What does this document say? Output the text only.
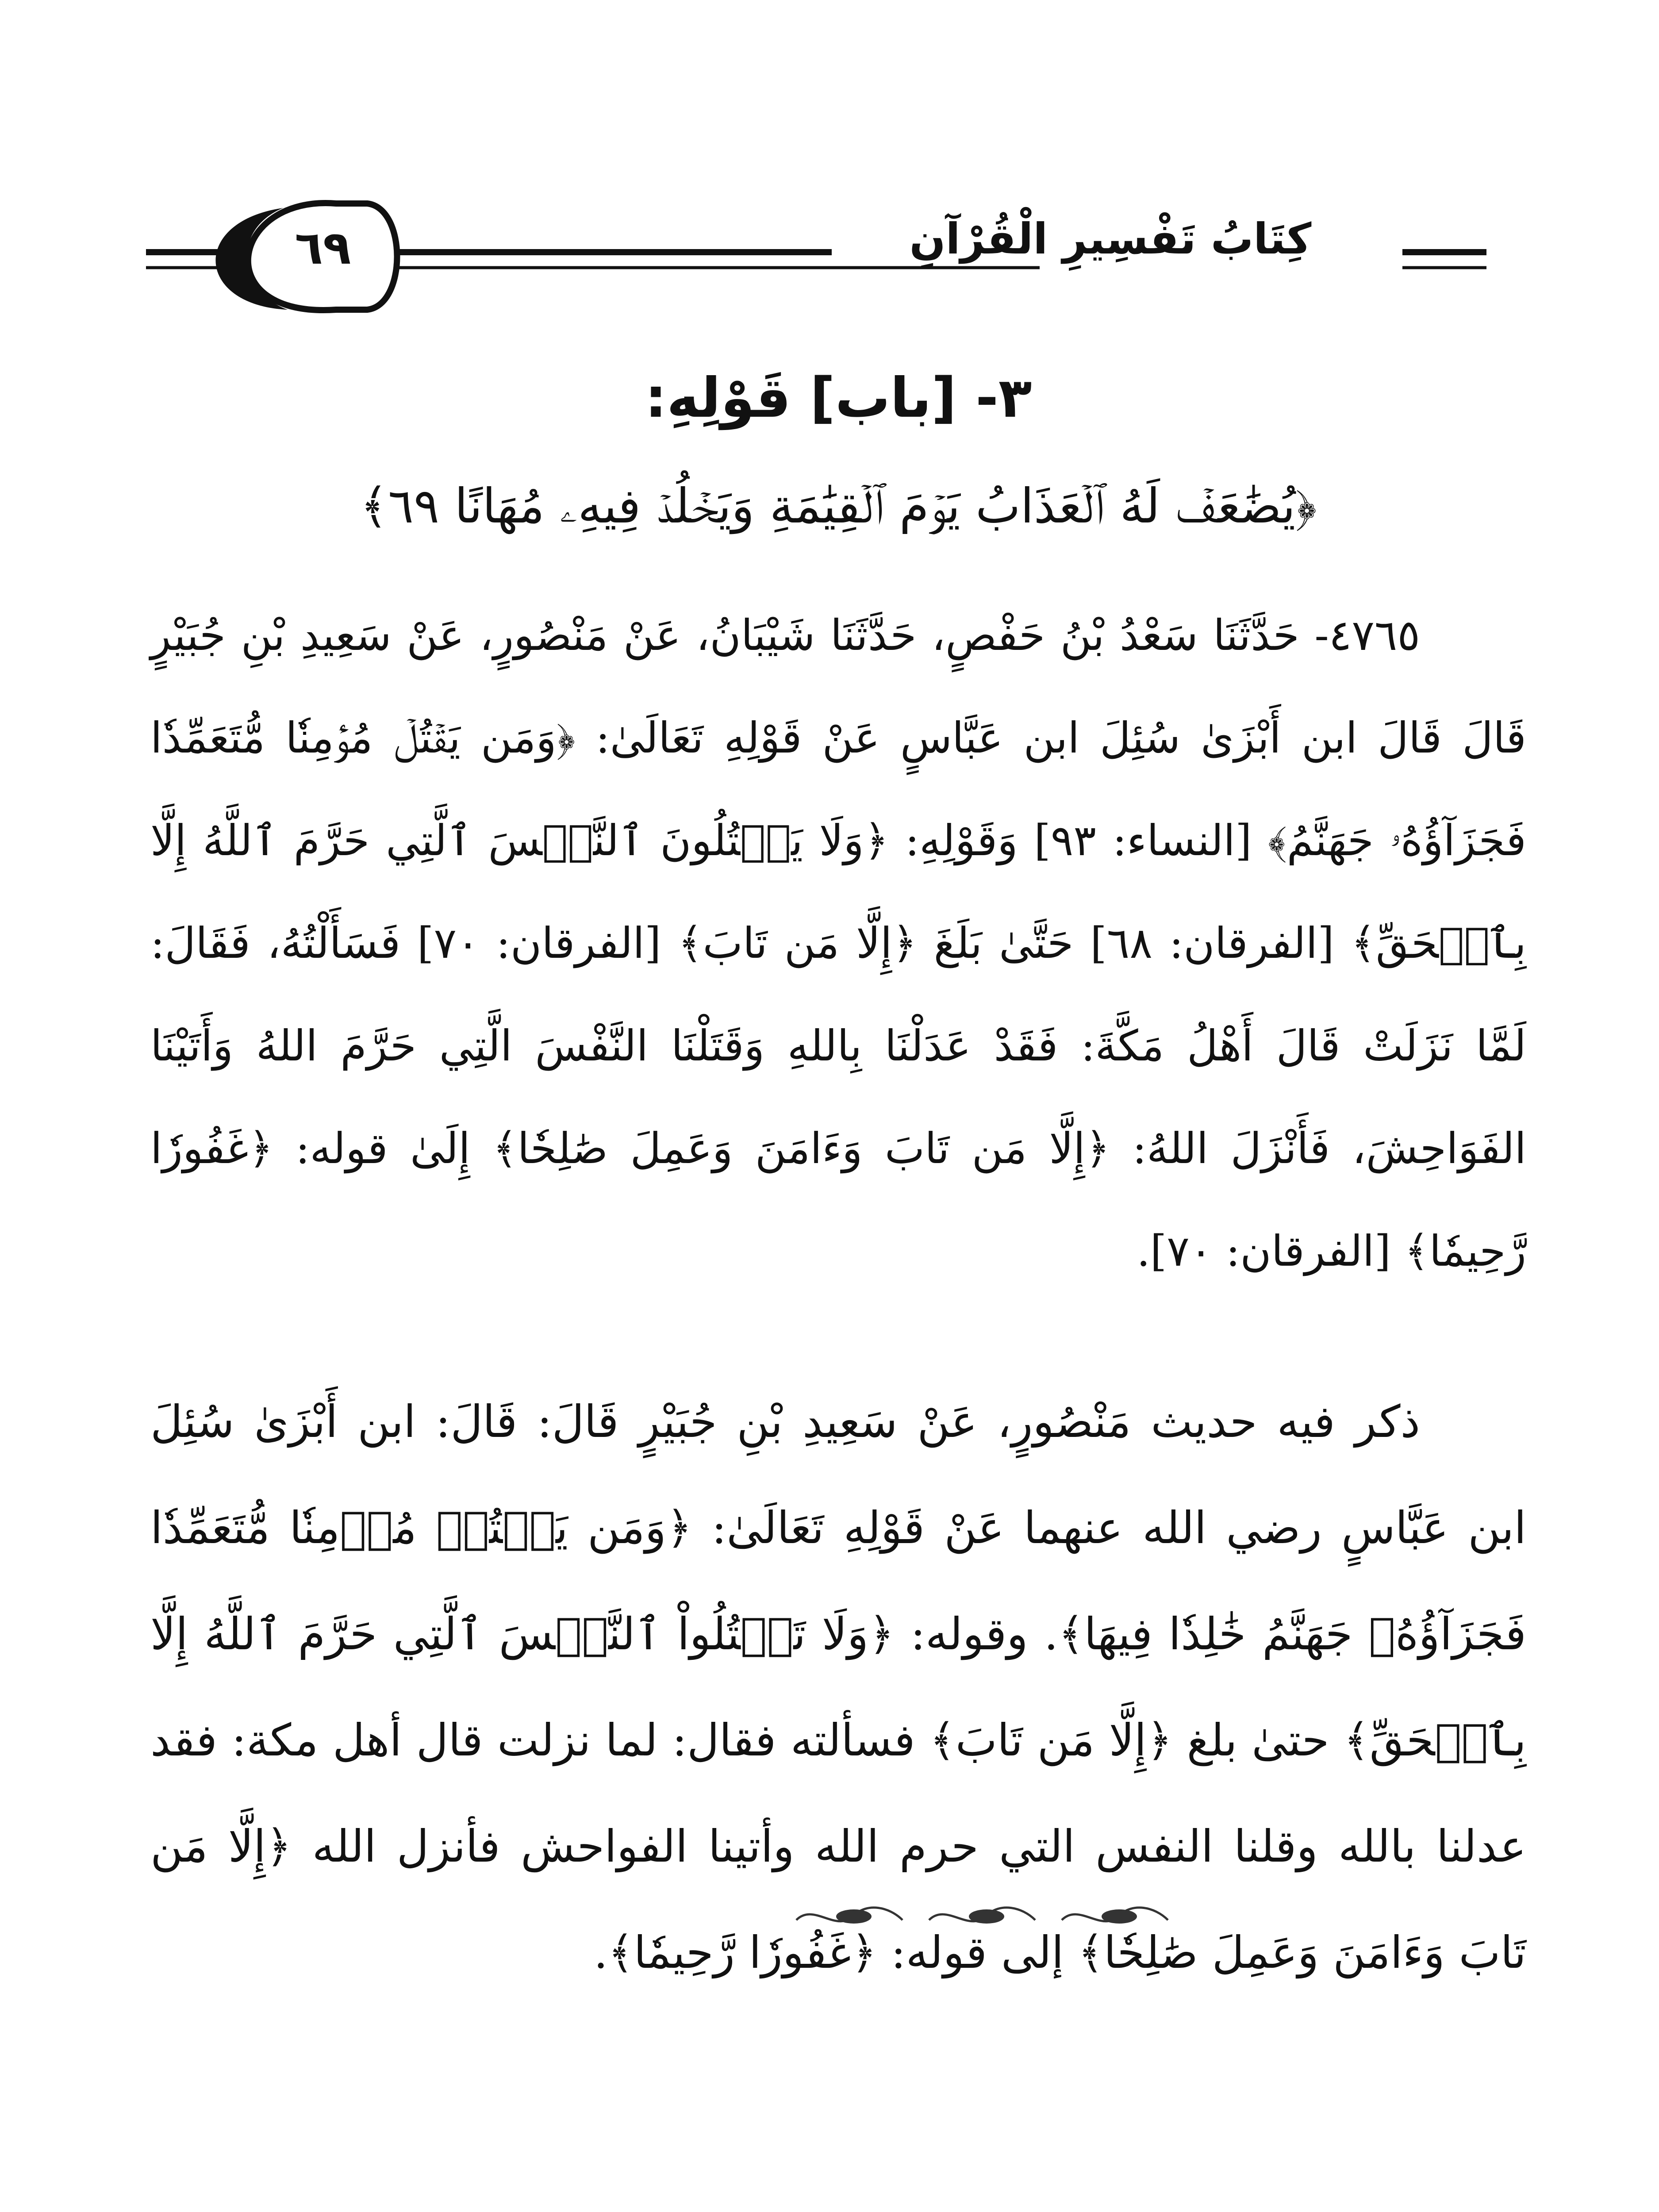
كِتَابُ تَفْسِيرِ الْقُرْآنِ
٦٩
٣- [باب] قَوْلِهِ:
﴿يُضَٰعَفۡ لَهُ ٱلۡعَذَابُ يَوۡمَ ٱلۡقِيَٰمَةِ وَيَخۡلُدۡ فِيهِۦ مُهَانًا ٦٩﴾

٤٧٦٥- حَدَّثَنَا سَعْدُ بْنُ حَفْصٍ، حَدَّثَنَا شَيْبَانُ، عَنْ مَنْصُورٍ، عَنْ سَعِيدِ بْنِ جُبَيْرٍ قَالَ قَالَ ابن أَبْزَىٰ سُئِلَ ابن عَبَّاسٍ عَنْ قَوْلِهِ تَعَالَىٰ: ﴿وَمَن يَقۡتُلۡ مُؤۡمِنٗا مُّتَعَمِّدٗا فَجَزَآؤُهُۥ جَهَنَّمُ﴾ [النساء: ٩٣] وَقَوْلِهِ: ﴿وَلَا يَقۡتُلُونَ ٱلنَّفۡسَ ٱلَّتِي حَرَّمَ ٱللَّهُ إِلَّا بِٱلۡحَقِّ﴾ [الفرقان: ٦٨] حَتَّىٰ بَلَغَ ﴿إِلَّا مَن تَابَ﴾ [الفرقان: ٧٠] فَسَأَلْتُهُ، فَقَالَ: لَمَّا نَزَلَتْ قَالَ أَهْلُ مَكَّةَ: فَقَدْ عَدَلْنَا بِاللهِ وَقَتَلْنَا النَّفْسَ الَّتِي حَرَّمَ اللهُ وَأَتَيْنَا الفَوَاحِشَ، فَأَنْزَلَ اللهُ: ﴿إِلَّا مَن تَابَ وَءَامَنَ وَعَمِلَ صَٰلِحٗا﴾ إِلَىٰ قوله: ﴿غَفُورٗا رَّحِيمٗا﴾ [الفرقان: ٧٠].

ذكر فيه حديث مَنْصُورٍ، عَنْ سَعِيدِ بْنِ جُبَيْرٍ قَالَ: قَالَ: ابن أَبْزَىٰ سُئِلَ ابن عَبَّاسٍ رضي الله عنهما عَنْ قَوْلِهِ تَعَالَىٰ: ﴿وَمَن يَقۡتُلۡ مُؤۡمِنٗا مُّتَعَمِّدٗا فَجَزَآؤُهُۥ جَهَنَّمُ خَٰلِدٗا فِيهَا﴾. وقوله: ﴿وَلَا تَقۡتُلُواْ ٱلنَّفۡسَ ٱلَّتِي حَرَّمَ ٱللَّهُ إِلَّا بِٱلۡحَقِّ﴾ حتىٰ بلغ ﴿إِلَّا مَن تَابَ﴾ فسألته فقال: لما نزلت قال أهل مكة: فقد عدلنا بالله وقلنا النفس التي حرم الله وأتينا الفواحش فأنزل الله ﴿إِلَّا مَن تَابَ وَءَامَنَ وَعَمِلَ صَٰلِحٗا﴾ إلى قوله: ﴿غَفُورٗا رَّحِيمٗا﴾.
